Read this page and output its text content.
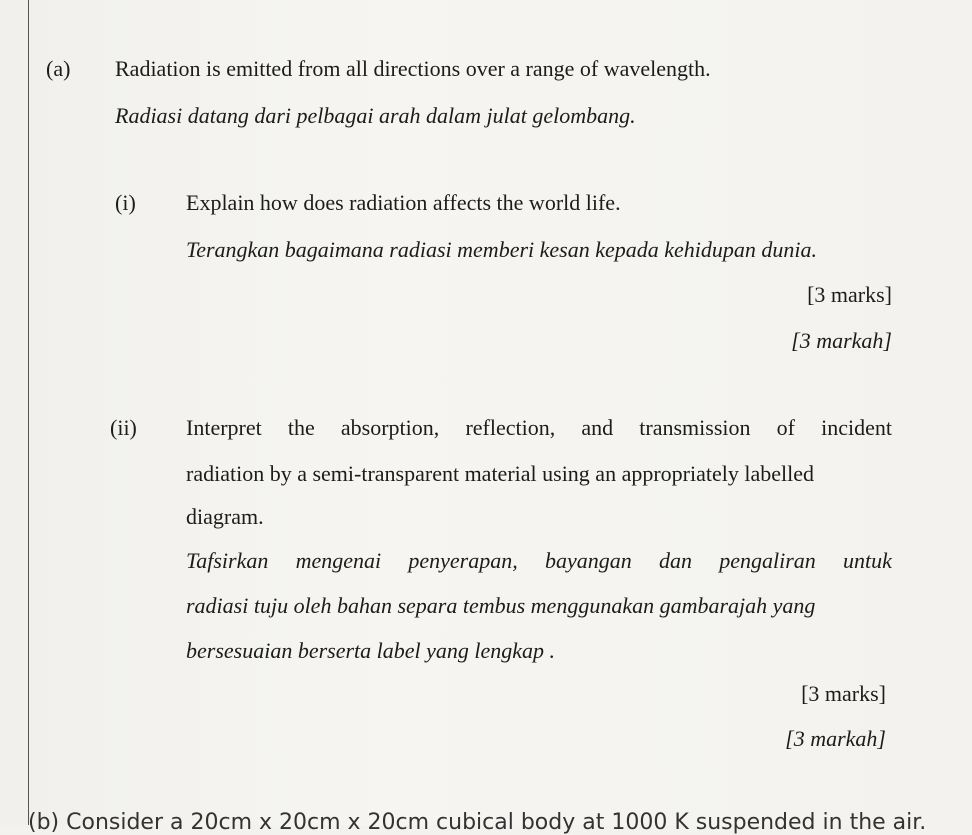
(a) Radiation is emitted from all directions over a range of wavelength.
Radiasi datang dari pelbagai arah dalam julat gelombang.
(i) Explain how does radiation affects the world life.
Terangkan bagaimana radiasi memberi kesan kepada kehidupan dunia.
[3 marks]
[3 markah]
(ii) Interpret the absorption, reflection, and transmission of incident
radiation by a semi-transparent material using an appropriately labelled
diagram.
Tafsirkan mengenai penyerapan, bayangan dan pengaliran untuk
radiasi tuju oleh bahan separa tembus menggunakan gambarajah yang
bersesuaian berserta label yang lengkap .
[3 marks]
[3 markah]
(b) Consider a 20cm x 20cm x 20cm cubical body at 1000 K suspended in the air.
